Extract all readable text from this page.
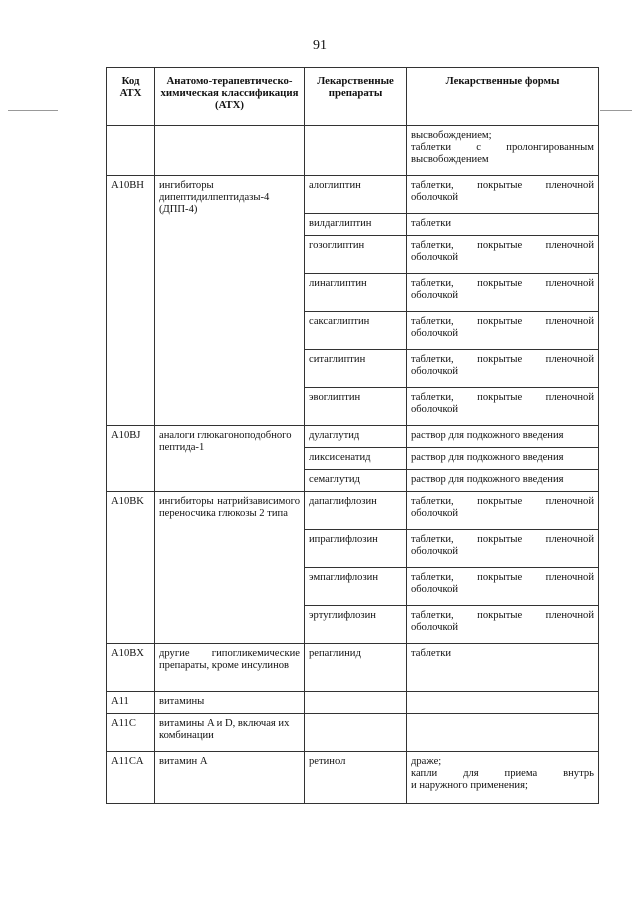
91
Код АТХ	Анатомо-терапевтическо-химическая классификация (АТХ)	Лекарственные препараты	Лекарственные формы

			высвобождением;
таблетки с пролонгированным высвобождением

A10BH	ингибиторы дипептидилпептидазы-4 (ДПП-4)	алоглиптин	таблетки, покрытые пленочной оболочкой
		вилдаглиптин	таблетки
		гозоглиптин	таблетки, покрытые пленочной оболочкой
		линаглиптин	таблетки, покрытые пленочной оболочкой
		саксаглиптин	таблетки, покрытые пленочной оболочкой
		ситаглиптин	таблетки, покрытые пленочной оболочкой
		эвоглиптин	таблетки, покрытые пленочной оболочкой
A10BJ	аналоги глюкагоноподобного пептида-1	дулаглутид	раствор для подкожного введения
		ликсисенатид	раствор для подкожного введения
		семаглутид	раствор для подкожного введения
A10BK	ингибиторы натрийзависимого переносчика глюкозы 2 типа	дапаглифлозин	таблетки, покрытые пленочной оболочкой
		ипраглифлозин	таблетки, покрытые пленочной оболочкой
		эмпаглифлозин	таблетки, покрытые пленочной оболочкой
		эртуглифлозин	таблетки, покрытые пленочной оболочкой
A10BX	другие гипогликемические препараты, кроме инсулинов	репаглинид	таблетки
A11	витамины		
A11C	витамины A и D, включая их комбинации		
A11CA	витамин A	ретинол	драже;
капли для приема внутрь
и наружного применения;
